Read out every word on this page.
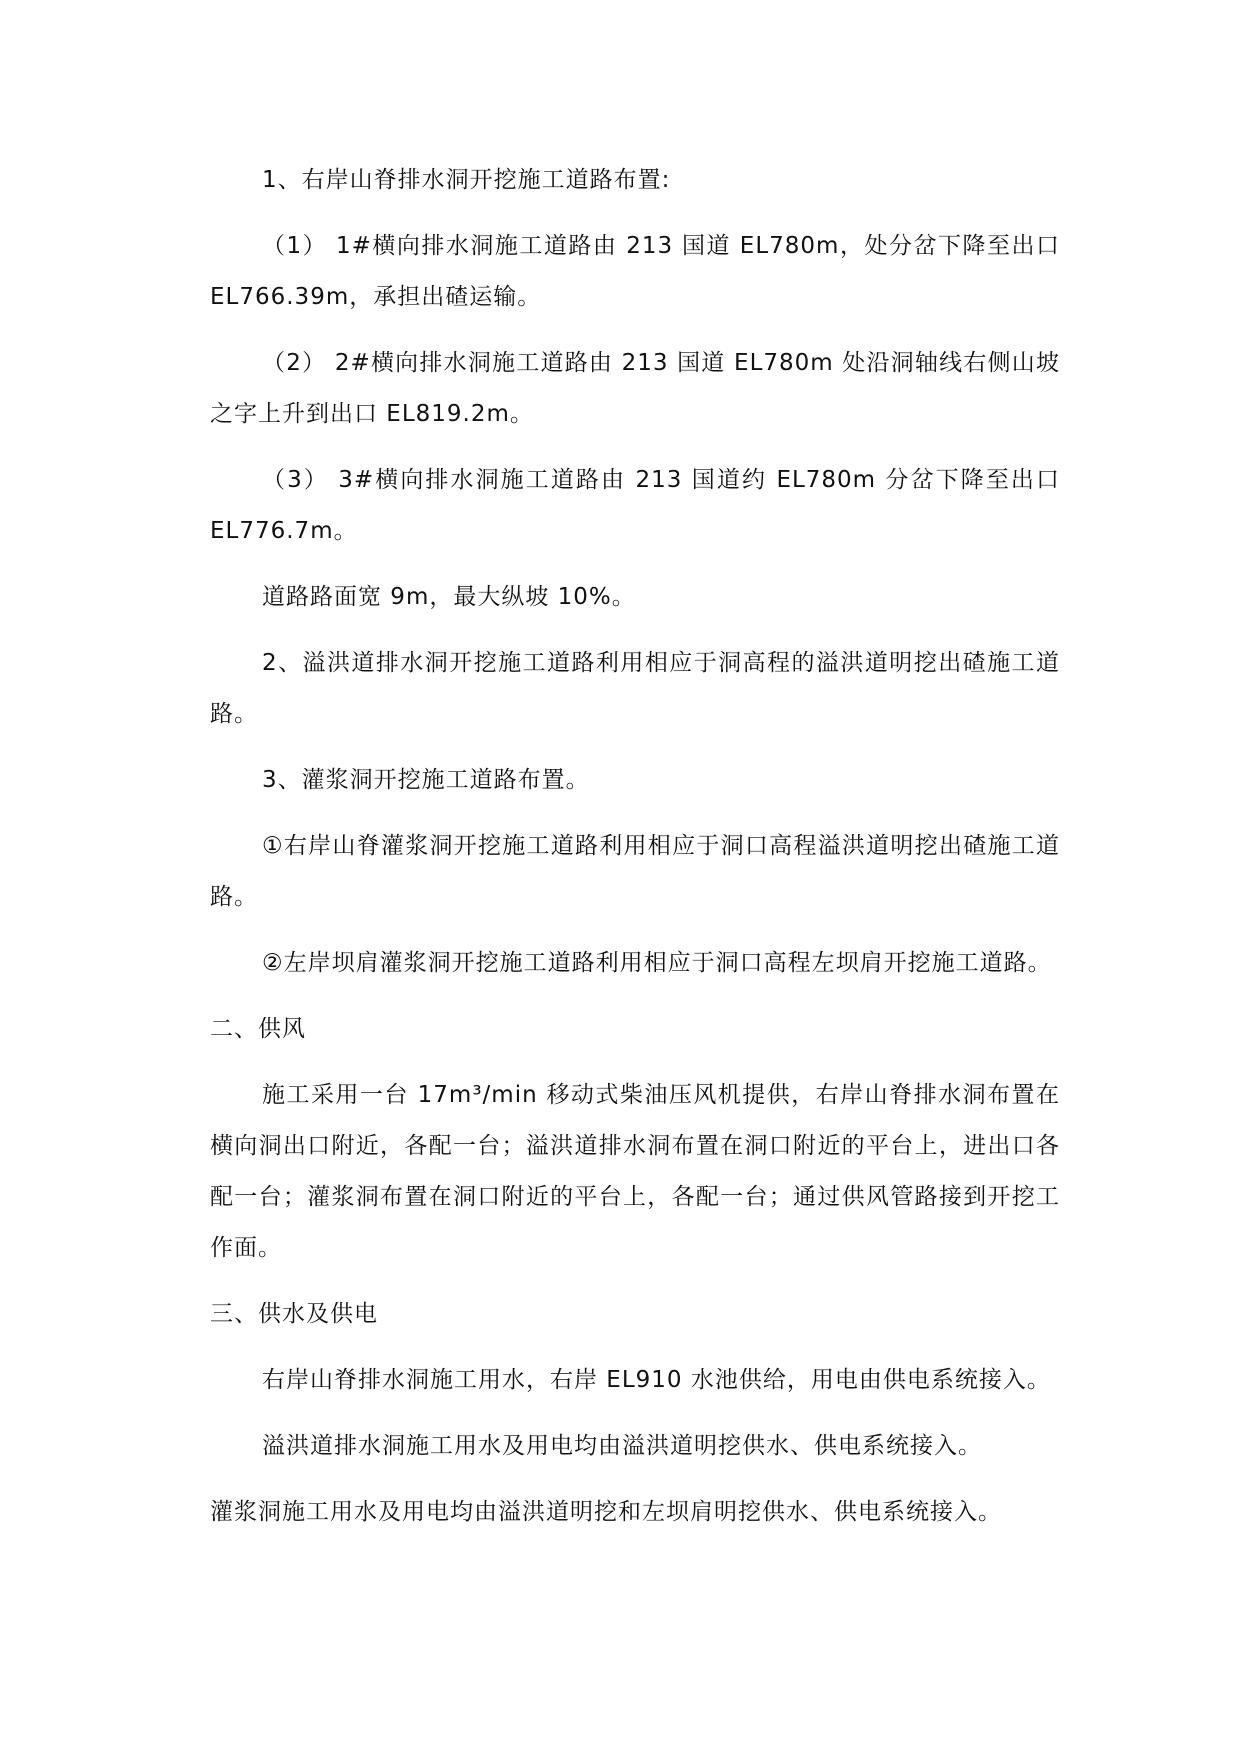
1、右岸山脊排水洞开挖施工道路布置:

（1） 1#横向排水洞施工道路由 213 国道 EL780m，处分岔下降至出口 EL766.39m，承担出碴运输。

（2） 2#横向排水洞施工道路由 213 国道 EL780m 处沿洞轴线右侧山坡之字上升到出口 EL819.2m。

（3） 3#横向排水洞施工道路由 213 国道约 EL780m 分岔下降至出口 EL776.7m。

道路路面宽 9m，最大纵坡 10%。

2、溢洪道排水洞开挖施工道路利用相应于洞高程的溢洪道明挖出碴施工道路。

3、灌浆洞开挖施工道路布置。

①右岸山脊灌浆洞开挖施工道路利用相应于洞口高程溢洪道明挖出碴施工道路。

②左岸坝肩灌浆洞开挖施工道路利用相应于洞口高程左坝肩开挖施工道路。

二、供风

施工采用一台 17m³/min 移动式柴油压风机提供，右岸山脊排水洞布置在横向洞出口附近，各配一台；溢洪道排水洞布置在洞口附近的平台上，进出口各配一台；灌浆洞布置在洞口附近的平台上，各配一台；通过供风管路接到开挖工作面。

三、供水及供电

右岸山脊排水洞施工用水，右岸 EL910 水池供给，用电由供电系统接入。

溢洪道排水洞施工用水及用电均由溢洪道明挖供水、供电系统接入。

灌浆洞施工用水及用电均由溢洪道明挖和左坝肩明挖供水、供电系统接入。
